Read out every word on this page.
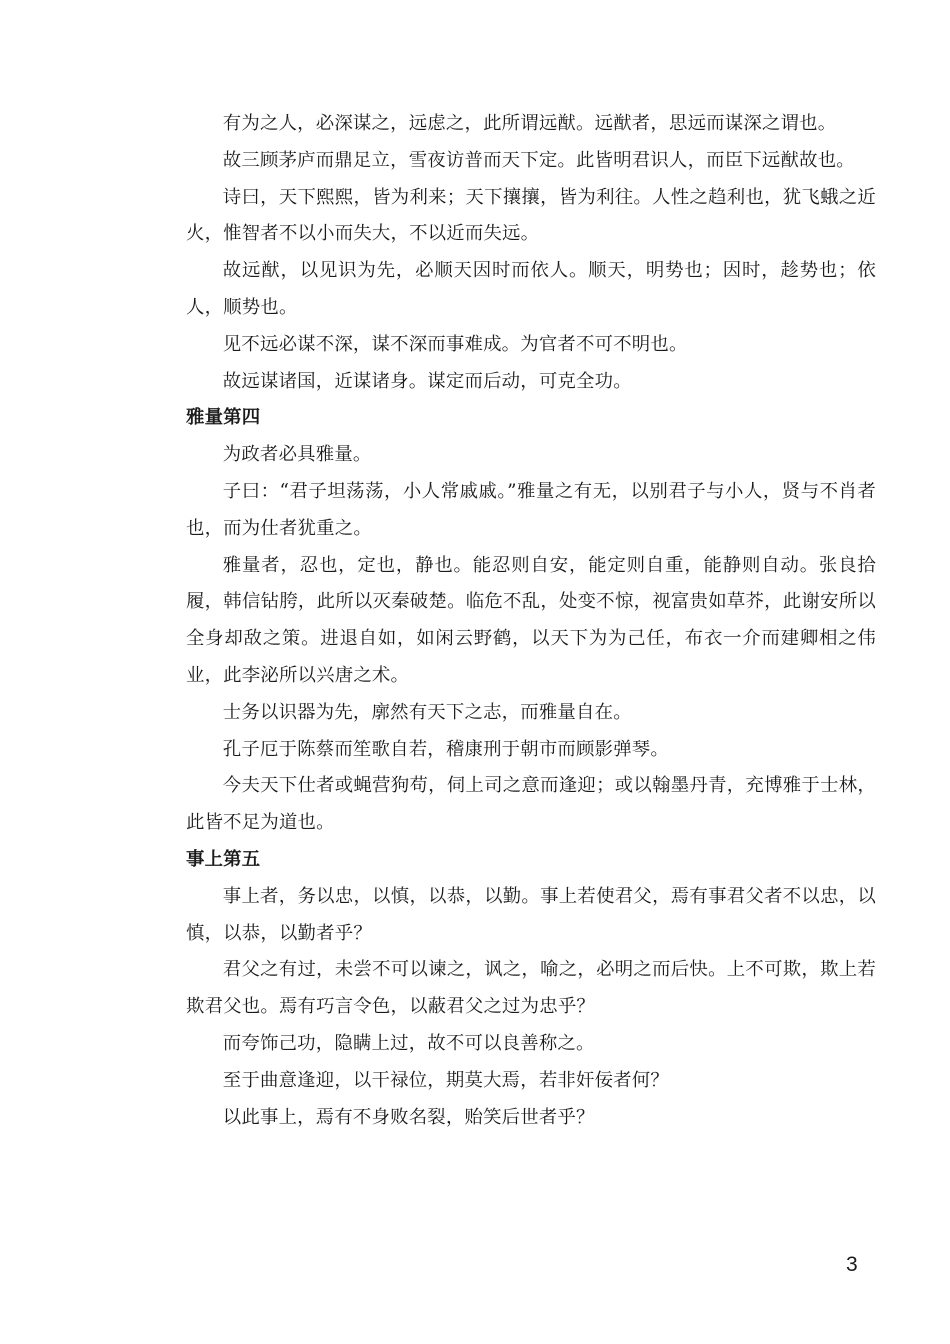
有为之人，必深谋之，远虑之，此所谓远猷。远猷者，思远而谋深之谓也。

故三顾茅庐而鼎足立，雪夜访普而天下定。此皆明君识人，而臣下远猷故也。

诗曰，天下熙熙，皆为利来；天下攘攘，皆为利往。人性之趋利也，犹飞蛾之近火，惟智者不以小而失大，不以近而失远。

故远猷，以见识为先，必顺天因时而依人。顺天，明势也；因时，趁势也；依人，顺势也。

见不远必谋不深，谋不深而事难成。为官者不可不明也。

故远谋诸国，近谋诸身。谋定而后动，可克全功。

雅量第四

为政者必具雅量。

子曰：“君子坦荡荡，小人常戚戚。”雅量之有无，以别君子与小人，贤与不肖者也，而为仕者犹重之。

雅量者，忍也，定也，静也。能忍则自安，能定则自重，能静则自动。张良拾履，韩信钻胯，此所以灭秦破楚。临危不乱，处变不惊，视富贵如草芥，此谢安所以全身却敌之策。进退自如，如闲云野鹤，以天下为为己任，布衣一介而建卿相之伟业，此李泌所以兴唐之术。

士务以识器为先，廓然有天下之志，而雅量自在。

孔子厄于陈蔡而笙歌自若，稽康刑于朝市而顾影弹琴。

今夫天下仕者或蝇营狗苟，伺上司之意而逢迎；或以翰墨丹青，充博雅于士林，此皆不足为道也。

事上第五

事上者，务以忠，以慎，以恭，以勤。事上若使君父，焉有事君父者不以忠，以慎，以恭，以勤者乎？

君父之有过，未尝不可以谏之，讽之，喻之，必明之而后快。上不可欺，欺上若欺君父也。焉有巧言令色，以蔽君父之过为忠乎？

而夸饰己功，隐瞒上过，故不可以良善称之。

至于曲意逢迎，以干禄位，期莫大焉，若非奸佞者何？

以此事上，焉有不身败名裂，贻笑后世者乎？

3
